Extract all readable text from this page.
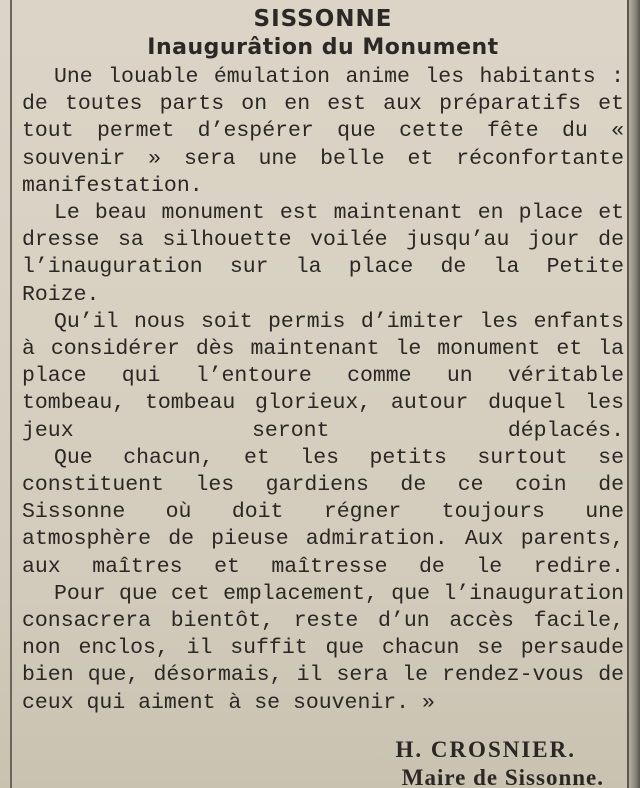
SISSONNE
Inaugurâtion du Monument

Une louable émulation anime les habitants : de toutes parts on en est aux préparatifs et tout permet d’espérer que cette fête du « souvenir » sera une belle et réconfortante manifestation.

Le beau monument est maintenant en place et dresse sa silhouette voilée jusqu’au jour de l’inauguration sur la place de la Petite Roize.

Qu’il nous soit permis d’imiter les enfants à considérer dès maintenant le monument et la place qui l’entoure comme un véritable tombeau, tombeau glorieux, autour duquel les jeux seront déplacés.

Que chacun, et les petits surtout se constituent les gardiens de ce coin de Sissonne où doit régner toujours une atmosphère de pieuse admiration. Aux parents, aux maîtres et maîtresse de le redire.

Pour que cet emplacement, que l’inauguration consacrera bientôt, reste d’un accès facile, non enclos, il suffit que chacun se persaude bien que, désormais, il sera le rendez-vous de ceux qui aiment à se souvenir. »

H. CROSNIER.
Maire de Sissonne.
